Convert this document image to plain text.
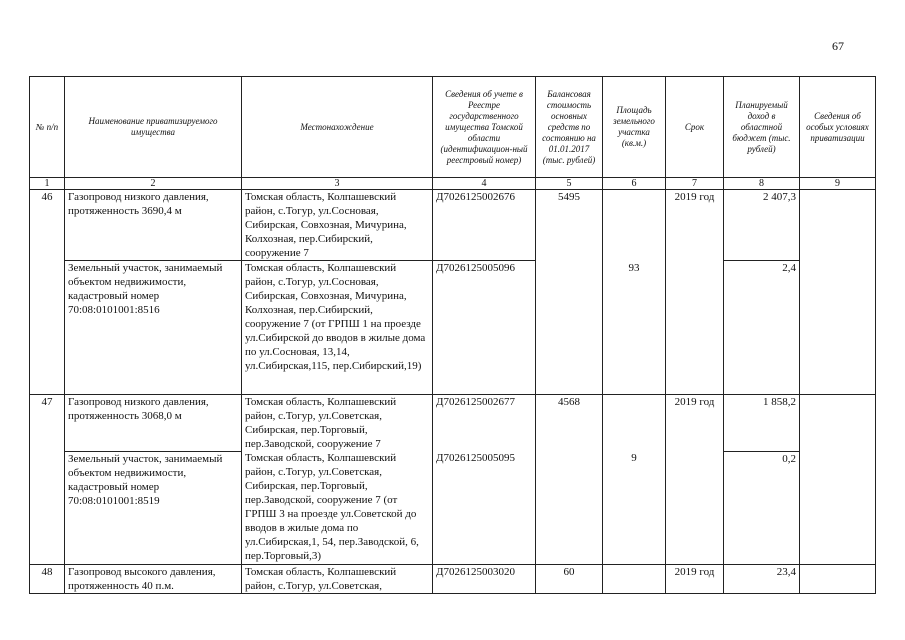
67
№ п/п	Наименование приватизируемого имущества	Местонахождение	Сведения об учете в Реестре государственного имущества Томской области (идентификацион-ный реестровый номер)	Балансовая стоимость основных средств по состоянию на 01.01.2017 (тыс. рублей)	Площадь земельного участка (кв.м.)	Срок	Планируемый доход в областной бюджет (тыс. рублей)	Сведения об особых условиях приватизации
1	2	3	4	5	6	7	8	9
46	Газопровод низкого давления, протяженность 3690,4 м	Томская область, Колпашевский район, с.Тогур, ул.Сосновая, Сибирская, Совхозная, Мичурина, Колхозная, пер.Сибирский, сооружение 7	Д7026125002676	5495		2019 год	2 407,3	
	Земельный участок, занимаемый объектом недвижимости, кадастровый номер 70:08:0101001:8516	Томская область, Колпашевский район, с.Тогур, ул.Сосновая, Сибирская, Совхозная, Мичурина, Колхозная, пер.Сибирский, сооружение 7 (от ГРПШ 1 на проезде ул.Сибирской до вводов в жилые дома по ул.Сосновая, 13,14, ул.Сибирская,115, пер.Сибирский,19)	Д7026125005096		93		2,4	
47	Газопровод низкого давления, протяженность 3068,0 м	Томская область, Колпашевский район, с.Тогур, ул.Советская, Сибирская, пер.Торговый, пер.Заводской, сооружение 7	Д7026125002677	4568		2019 год	1 858,2	
	Земельный участок, занимаемый объектом недвижимости, кадастровый номер 70:08:0101001:8519	Томская область, Колпашевский район, с.Тогур, ул.Советская, Сибирская, пер.Торговый, пер.Заводской, сооружение 7 (от ГРПШ 3 на проезде ул.Советской до вводов в жилые дома по ул.Сибирская,1, 54, пер.Заводской, 6, пер.Торговый,3)	Д7026125005095		9		0,2	
48	Газопровод высокого давления, протяженность 40 п.м.	Томская область, Колпашевский район, с.Тогур, ул.Советская,	Д7026125003020	60		2019 год	23,4	
